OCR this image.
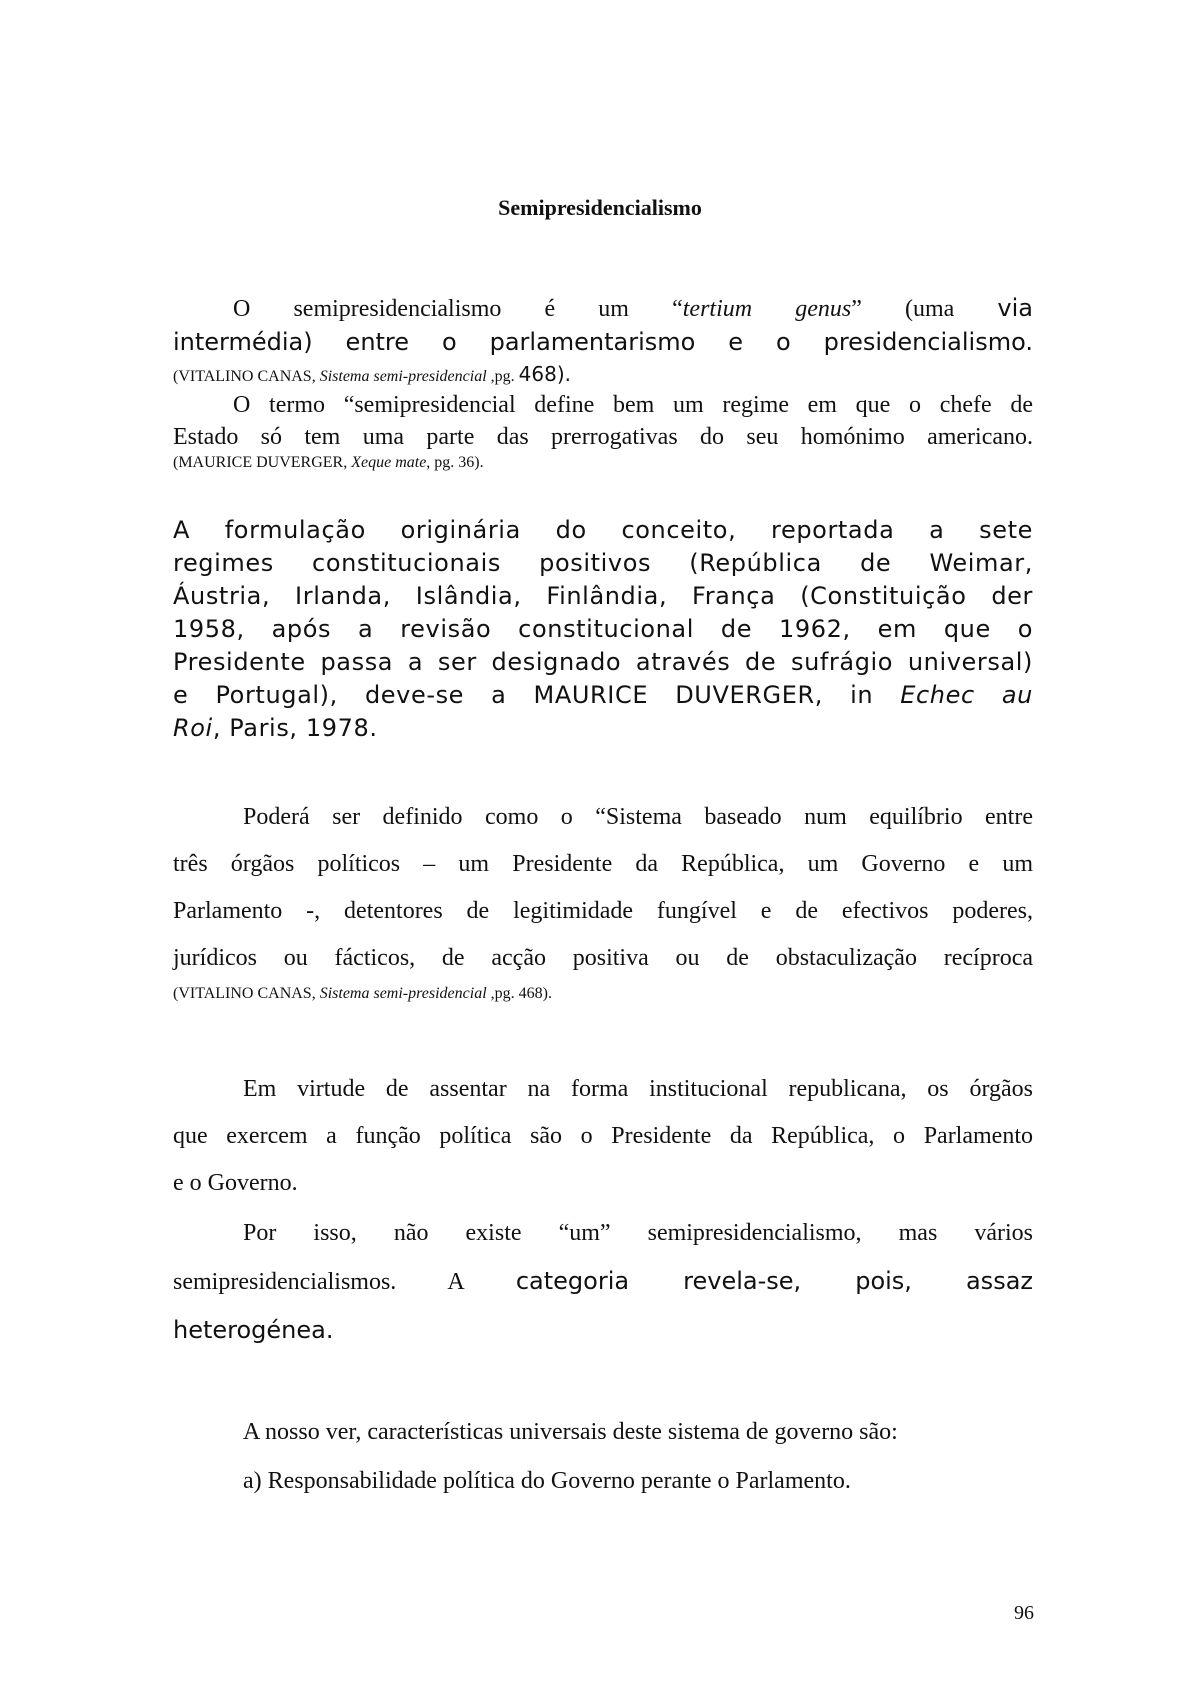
Semipresidencialismo
O semipresidencialismo é um “tertium genus” (uma via
intermédia) entre o parlamentarismo e o presidencialismo.
(VITALINO CANAS, Sistema semi-presidencial ,pg. 468).
O termo “semipresidencial define bem um regime em que o chefe de
Estado só tem uma parte das prerrogativas do seu homónimo americano.
(MAURICE DUVERGER, Xeque mate, pg. 36).
A formulação originária do conceito, reportada a sete
regimes constitucionais positivos (República de Weimar,
Áustria, Irlanda, Islândia, Finlândia, França (Constituição der
1958, após a revisão constitucional de 1962, em que o
Presidente passa a ser designado através de sufrágio universal)
e Portugal), deve-se a MAURICE DUVERGER, in Echec au
Roi, Paris, 1978.
Poderá ser definido como o “Sistema baseado num equilíbrio entre
três órgãos políticos – um Presidente da República, um Governo e um
Parlamento -, detentores de legitimidade fungível e de efectivos poderes,
jurídicos ou fácticos, de acção positiva ou de obstaculização recíproca
(VITALINO CANAS, Sistema semi-presidencial ,pg. 468).
Em virtude de assentar na forma institucional republicana, os órgãos
que exercem a função política são o Presidente da República, o Parlamento
e o Governo.
Por isso, não existe “um” semipresidencialismo, mas vários
semipresidencialismos. A categoria revela-se, pois, assaz
heterogénea.
A nosso ver, características universais deste sistema de governo são:
a) Responsabilidade política do Governo perante o Parlamento.
96
